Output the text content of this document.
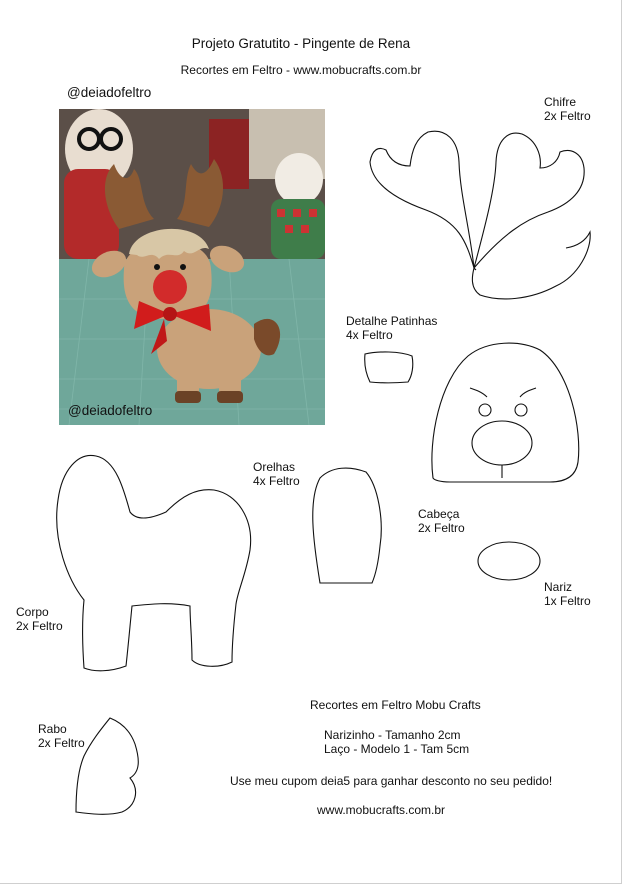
Projeto Gratutito - Pingente de Rena
Recortes em Feltro - www.mobucrafts.com.br
@deiadofeltro
@deiadofeltro
Chifre
2x Feltro
Detalhe Patinhas
4x Feltro
Orelhas
4x Feltro
Cabeça
2x Feltro
Nariz
1x Feltro
Corpo
2x Feltro
Rabo
2x Feltro
Recortes em Feltro Mobu Crafts
Narizinho - Tamanho 2cm
Laço - Modelo 1 - Tam 5cm
Use meu cupom deia5 para ganhar desconto no seu pedido!
www.mobucrafts.com.br
